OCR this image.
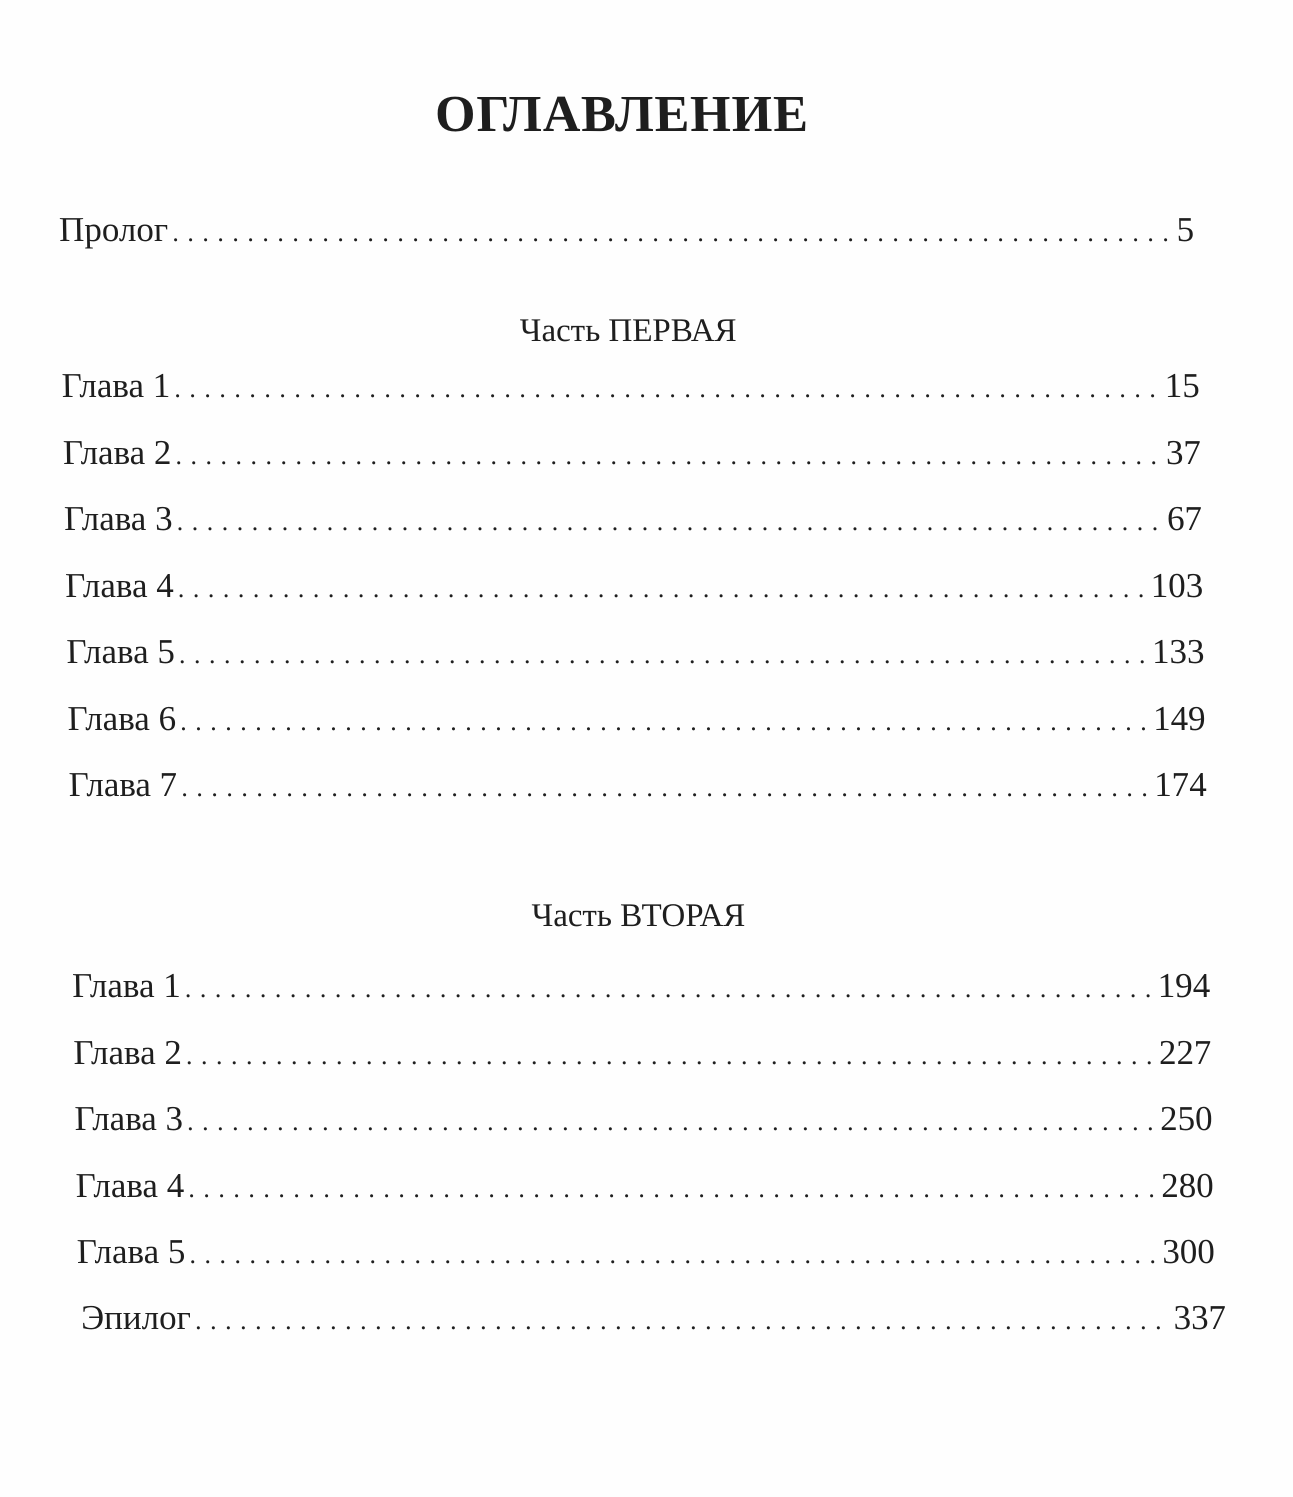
ОГЛАВЛЕНИЕ
Пролог . . .	5
Часть ПЕРВАЯ
Глава 1 . . .	15
Глава 2 . . .	37
Глава 3 . . .	67
Глава 4 . . .	103
Глава 5 . . .	133
Глава 6 . . .	149
Глава 7 . . .	174
Часть ВТОРАЯ
Глава 1 . . .	194
Глава 2 . . .	227
Глава 3 . . .	250
Глава 4 . . .	280
Глава 5 . . .	300
Эпилог . . .	337
